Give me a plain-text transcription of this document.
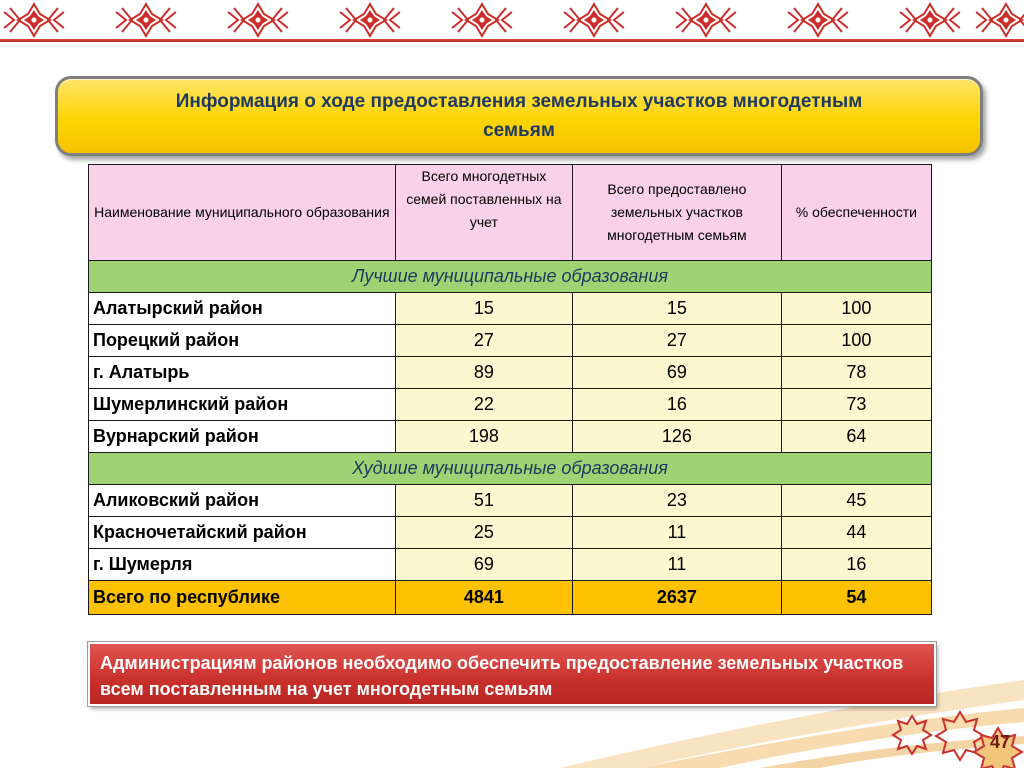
Информация о ходе предоставления земельных участков многодетным семьям
Наименование муниципального образования	Всего многодетных семей поставленных на учет	Всего предоставлено земельных участков многодетным семьям	% обеспеченности
Лучшие муниципальные образования			
Алатырский район	15	15	100
Порецкий район	27	27	100
г. Алатырь	89	69	78
Шумерлинский район	22	16	73
Вурнарский район	198	126	64
Худшие муниципальные образования			
Аликовский район	51	23	45
Красночетайский район	25	11	44
г. Шумерля	69	11	16
Всего по республике	4841	2637	54
Администрациям районов необходимо обеспечить предоставление земельных участков всем поставленным на учет многодетным семьям
47
